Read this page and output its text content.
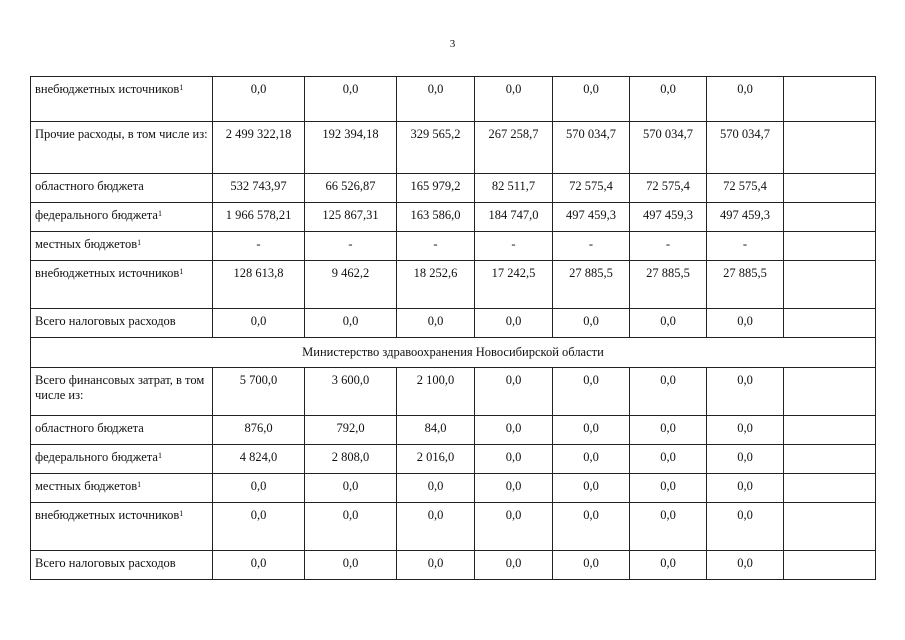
3
внебюджетных источников$^1$	0,0	0,0	0,0	0,0	0,0	0,0	0,0	
Прочие расходы, в том числе из:	2 499 322,18	192 394,18	329 565,2	267 258,7	570 034,7	570 034,7	570 034,7	
областного бюджета	532 743,97	66 526,87	165 979,2	82 511,7	72 575,4	72 575,4	72 575,4	
федерального бюджета$^1$	1 966 578,21	125 867,31	163 586,0	184 747,0	497 459,3	497 459,3	497 459,3	
местных бюджетов$^1$	-	-	-	-	-	-	-	
внебюджетных источников$^1$	128 613,8	9 462,2	18 252,6	17 242,5	27 885,5	27 885,5	27 885,5	
Всего налоговых расходов	0,0	0,0	0,0	0,0	0,0	0,0	0,0	
Министерство здравоохранения Новосибирской области								
Всего финансовых затрат, в том числе из:	5 700,0	3 600,0	2 100,0	0,0	0,0	0,0	0,0	
областного бюджета	876,0	792,0	84,0	0,0	0,0	0,0	0,0	
федерального бюджета$^1$	4 824,0	2 808,0	2 016,0	0,0	0,0	0,0	0,0	
местных бюджетов$^1$	0,0	0,0	0,0	0,0	0,0	0,0	0,0	
внебюджетных источников$^1$	0,0	0,0	0,0	0,0	0,0	0,0	0,0	
Всего налоговых расходов	0,0	0,0	0,0	0,0	0,0	0,0	0,0	
